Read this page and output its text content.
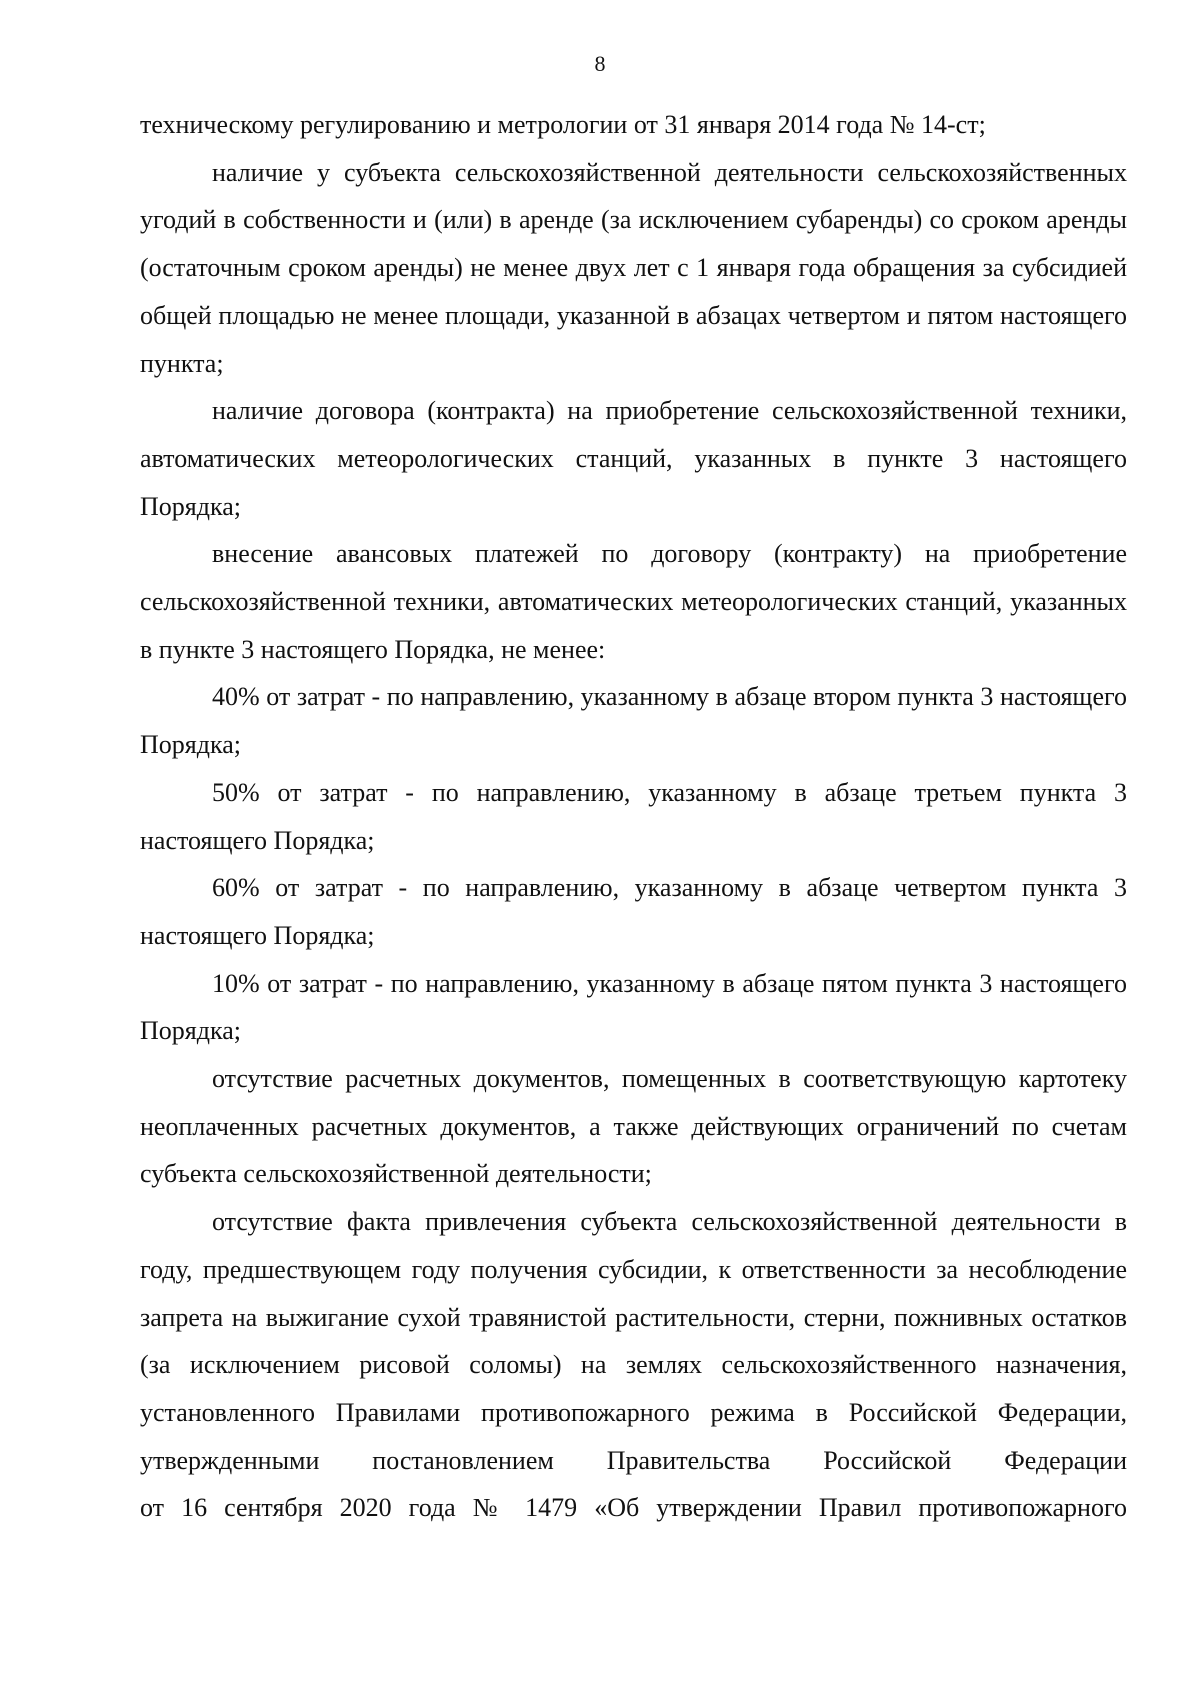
8

техническому регулированию и метрологии от 31 января 2014 года № 14-ст;

наличие у субъекта сельскохозяйственной деятельности сельскохозяйственных угодий в собственности и (или) в аренде (за исключением субаренды) со сроком аренды (остаточным сроком аренды) не менее двух лет с 1 января года обращения за субсидией общей площадью не менее площади, указанной в абзацах четвертом и пятом настоящего пункта;

наличие договора (контракта) на приобретение сельскохозяйственной техники, автоматических метеорологических станций, указанных в пункте 3 настоящего Порядка;

внесение авансовых платежей по договору (контракту) на приобретение сельскохозяйственной техники, автоматических метеорологических станций, указанных в пункте 3 настоящего Порядка, не менее:

40% от затрат - по направлению, указанному в абзаце втором пункта 3 настоящего Порядка;

50% от затрат - по направлению, указанному в абзаце третьем пункта 3 настоящего Порядка;

60% от затрат - по направлению, указанному в абзаце четвертом пункта 3 настоящего Порядка;

10% от затрат - по направлению, указанному в абзаце пятом пункта 3 настоящего Порядка;

отсутствие расчетных документов, помещенных в соответствующую картотеку неоплаченных расчетных документов, а также действующих ограничений по счетам субъекта сельскохозяйственной деятельности;

отсутствие факта привлечения субъекта сельскохозяйственной деятельности в году, предшествующем году получения субсидии, к ответственности за несоблюдение запрета на выжигание сухой травянистой растительности, стерни, пожнивных остатков (за исключением рисовой соломы) на землях сельскохозяйственного назначения, установленного Правилами противопожарного режима в Российской Федерации, утвержденными постановлением Правительства Российской Федерации

от 16 сентября 2020 года № 1479 «Об утверждении Правил противопожарного
